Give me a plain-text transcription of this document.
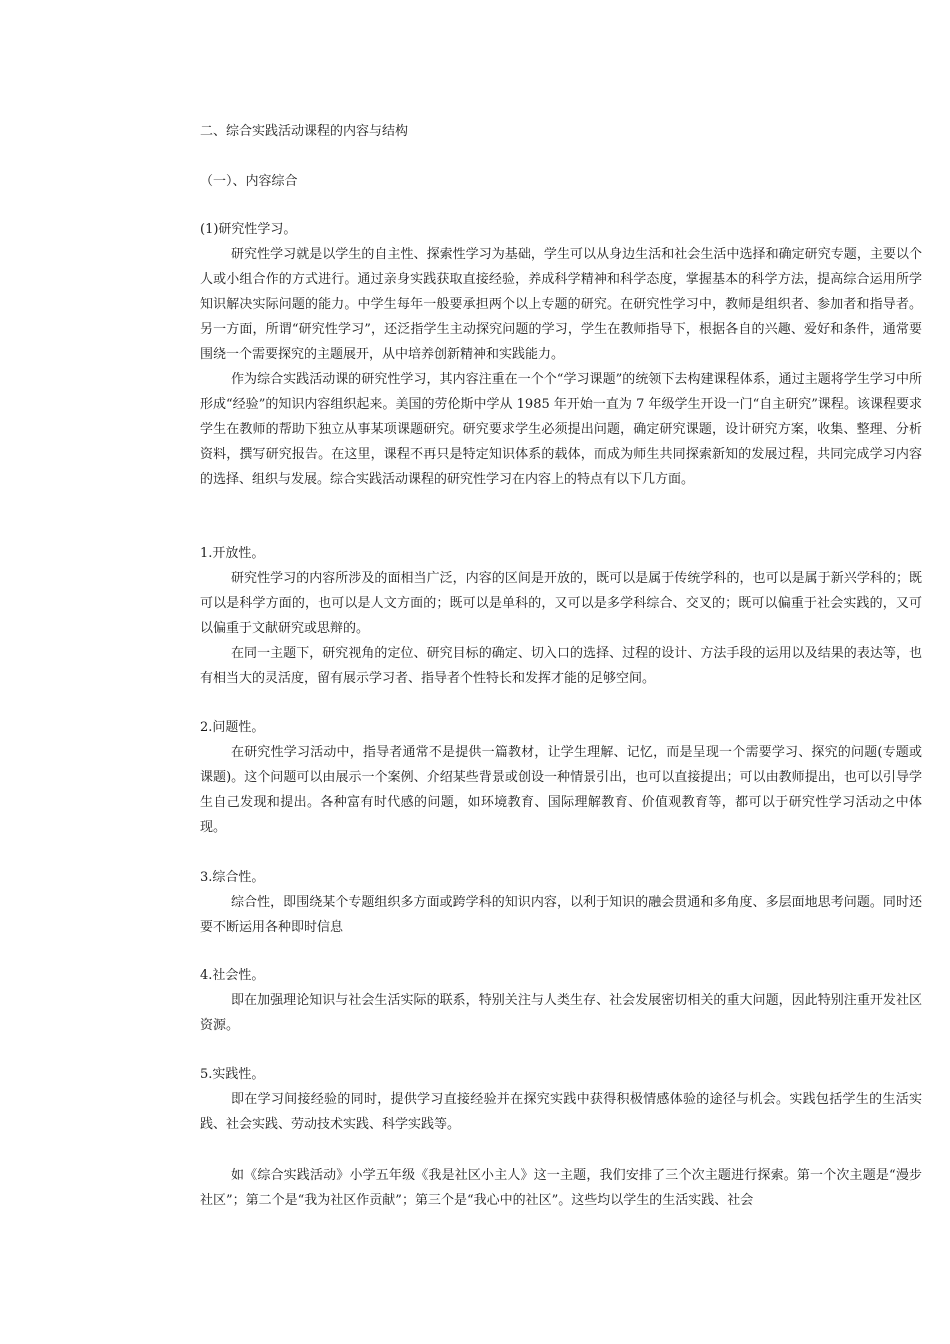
二、综合实践活动课程的内容与结构
（一）、内容综合
(1)研究性学习。

研究性学习就是以学生的自主性、探索性学习为基础，学生可以从身边生活和社会生活中选择和确定研究专题，主要以个人或小组合作的方式进行。通过亲身实践获取直接经验，养成科学精神和科学态度，掌握基本的科学方法，提高综合运用所学知识解决实际问题的能力。中学生每年一般要承担两个以上专题的研究。在研究性学习中，教师是组织者、参加者和指导者。另一方面，所谓“研究性学习”，还泛指学生主动探究问题的学习，学生在教师指导下，根据各自的兴趣、爱好和条件，通常要围绕一个需要探究的主题展开，从中培养创新精神和实践能力。

作为综合实践活动课的研究性学习，其内容注重在一个个“学习课题”的统领下去构建课程体系，通过主题将学生学习中所形成“经验”的知识内容组织起来。美国的劳伦斯中学从 1985 年开始一直为 7 年级学生开设一门“自主研究”课程。该课程要求学生在教师的帮助下独立从事某项课题研究。研究要求学生必须提出问题，确定研究课题，设计研究方案，收集、整理、分析资料，撰写研究报告。在这里，课程不再只是特定知识体系的载体，而成为师生共同探索新知的发展过程，共同完成学习内容的选择、组织与发展。综合实践活动课程的研究性学习在内容上的特点有以下几方面。

1.开放性。

研究性学习的内容所涉及的面相当广泛，内容的区间是开放的，既可以是属于传统学科的，也可以是属于新兴学科的；既可以是科学方面的，也可以是人文方面的；既可以是单科的，又可以是多学科综合、交叉的；既可以偏重于社会实践的，又可以偏重于文献研究或思辩的。

在同一主题下，研究视角的定位、研究目标的确定、切入口的选择、过程的设计、方法手段的运用以及结果的表达等，也有相当大的灵活度，留有展示学习者、指导者个性特长和发挥才能的足够空间。

2.问题性。

在研究性学习活动中，指导者通常不是提供一篇教材，让学生理解、记忆，而是呈现一个需要学习、探究的问题(专题或课题)。这个问题可以由展示一个案例、介绍某些背景或创设一种情景引出，也可以直接提出；可以由教师提出，也可以引导学生自己发现和提出。各种富有时代感的问题，如环境教育、国际理解教育、价值观教育等，都可以于研究性学习活动之中体现。

3.综合性。

综合性，即围绕某个专题组织多方面或跨学科的知识内容，以利于知识的融会贯通和多角度、多层面地思考问题。同时还要不断运用各种即时信息

4.社会性。

即在加强理论知识与社会生活实际的联系，特别关注与人类生存、社会发展密切相关的重大问题，因此特别注重开发社区资源。

5.实践性。

即在学习间接经验的同时，提供学习直接经验并在探究实践中获得积极情感体验的途径与机会。实践包括学生的生活实践、社会实践、劳动技术实践、科学实践等。

如《综合实践活动》小学五年级《我是社区小主人》这一主题，我们安排了三个次主题进行探索。第一个次主题是“漫步社区”；第二个是“我为社区作贡献”；第三个是“我心中的社区”。这些均以学生的生活实践、社会
